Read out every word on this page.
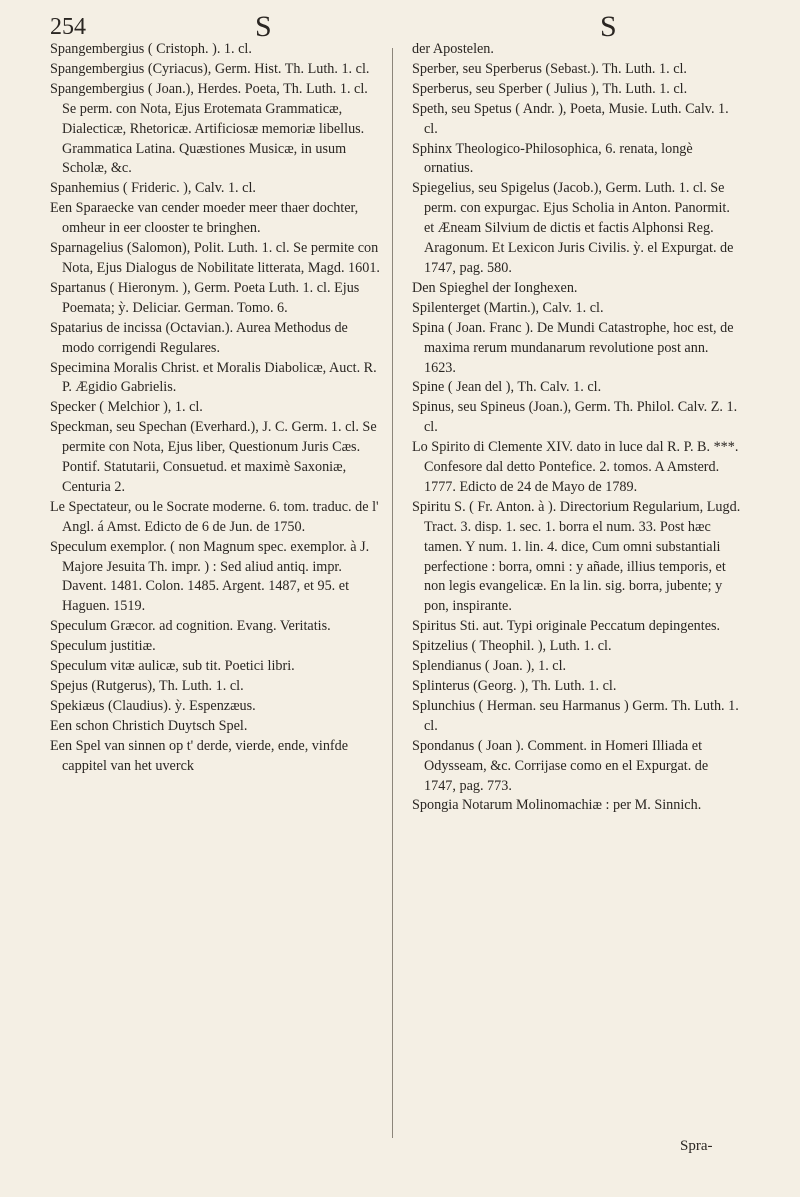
254	S	S

Spangembergius ( Cristoph. ). 1. cl.

Spangembergius (Cyriacus), Germ. Hist. Th. Luth. 1. cl.

Spangembergius ( Joan.), Herdes. Poeta, Th. Luth. 1. cl. Se perm. con Nota, Ejus Erotemata Grammaticæ, Dialecticæ, Rhetoricæ. Artificiosæ memoriæ libellus. Grammatica Latina. Quæstiones Musicæ, in usum Scholæ, &c.

Spanhemius ( Frideric. ), Calv. 1. cl.

Een Sparaecke van cender moeder meer thaer dochter, omheur in eer clooster te bringhen.

Sparnagelius (Salomon), Polit. Luth. 1. cl. Se permite con Nota, Ejus Dialogus de Nobilitate litterata, Magd. 1601.

Spartanus ( Hieronym. ), Germ. Poeta Luth. 1. cl. Ejus Poemata; ỳ. Deliciar. German. Tomo. 6.

Spatarius de incissa (Octavian.). Aurea Methodus de modo corrigendi Regulares.

Specimina Moralis Christ. et Moralis Diabolicæ, Auct. R. P. Ægidio Gabrielis.

Specker ( Melchior ), 1. cl.

Speckman, seu Spechan (Everhard.), J. C. Germ. 1. cl. Se permite con Nota, Ejus liber, Questionum Juris Cæs. Pontif. Statutarii, Consuetud. et maximè Saxoniæ, Centuria 2.

Le Spectateur, ou le Socrate moderne. 6. tom. traduc. de l' Angl. á Amst. Edicto de 6 de Jun. de 1750.

Speculum exemplor. ( non Magnum spec. exemplor. à J. Majore Jesuita Th. impr. ) : Sed aliud antiq. impr. Davent. 1481. Colon. 1485. Argent. 1487, et 95. et Haguen. 1519.

Speculum Græcor. ad cognition. Evang. Veritatis.

Speculum justitiæ.

Speculum vitæ aulicæ, sub tit. Poetici libri.

Spejus (Rutgerus), Th. Luth. 1. cl.

Spekiæus (Claudius). ỳ. Espenzæus.

Een schon Christich Duytsch Spel.

Een Spel van sinnen op t' derde, vierde, ende, vinfde cappitel van het uverck

der Apostelen.

Sperber, seu Sperberus (Sebast.). Th. Luth. 1. cl.

Sperberus, seu Sperber ( Julius ), Th. Luth. 1. cl.

Speth, seu Spetus ( Andr. ), Poeta, Musie. Luth. Calv. 1. cl.

Sphinx Theologico-Philosophica, 6. renata, longè ornatius.

Spiegelius, seu Spigelus (Jacob.), Germ. Luth. 1. cl. Se perm. con expurgac. Ejus Scholia in Anton. Panormit. et Æneam Silvium de dictis et factis Alphonsi Reg. Aragonum. Et Lexicon Juris Civilis. ỳ. el Expurgat. de 1747, pag. 580.

Den Spieghel der Ionghexen.

Spilenterget (Martin.), Calv. 1. cl.

Spina ( Joan. Franc ). De Mundi Catastrophe, hoc est, de maxima rerum mundanarum revolutione post ann. 1623.

Spine ( Jean del ), Th. Calv. 1. cl.

Spinus, seu Spineus (Joan.), Germ. Th. Philol. Calv. Z. 1. cl.

Lo Spirito di Clemente XIV. dato in luce dal R. P. B. ***. Confesore dal detto Pontefice. 2. tomos. A Amsterd. 1777. Edicto de 24 de Mayo de 1789.

Spiritu S. ( Fr. Anton. à ). Directorium Regularium, Lugd. Tract. 3. disp. 1. sec. 1. borra el num. 33. Post hæc tamen. Y num. 1. lin. 4. dice, Cum omni substantiali perfectione : borra, omni : y añade, illius temporis, et non legis evangelicæ. En la lin. sig. borra, jubente; y pon, inspirante.

Spiritus Sti. aut. Typi originale Peccatum depingentes.

Spitzelius ( Theophil. ), Luth. 1. cl.

Splendianus ( Joan. ), 1. cl.

Splinterus (Georg. ), Th. Luth. 1. cl.

Splunchius ( Herman. seu Harmanus ) Germ. Th. Luth. 1. cl.

Spondanus ( Joan ). Comment. in Homeri Illiada et Odysseam, &c. Corrijase como en el Expurgat. de 1747, pag. 773.

Spongia Notarum Molinomachiæ : per M. Sinnich.

Spra-
